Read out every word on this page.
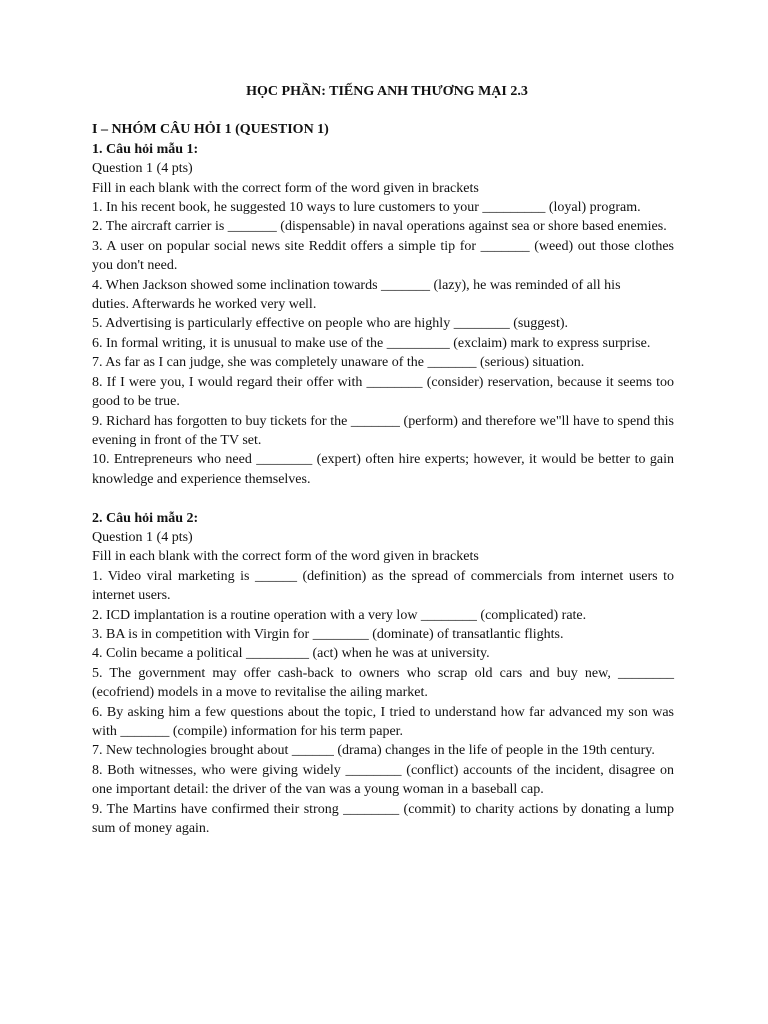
HỌC PHẦN: TIẾNG ANH THƯƠNG MẠI 2.3

I – NHÓM CÂU HỎI 1 (QUESTION 1)

1. Câu hỏi mẫu 1:

Question 1 (4 pts)

Fill in each blank with the correct form of the word given in brackets

1. In his recent book, he suggested 10 ways to lure customers to your _________ (loyal) program.

2. The aircraft carrier is _______ (dispensable) in naval operations against sea or shore based enemies.

3. A user on popular social news site Reddit offers a simple tip for _______ (weed) out those clothes you don't need.

4. When Jackson showed some inclination towards _______ (lazy), he was reminded of all his

duties. Afterwards he worked very well.

5. Advertising is particularly effective on people who are highly ________ (suggest).

6. In formal writing, it is unusual to make use of the _________ (exclaim) mark to express surprise.

7. As far as I can judge, she was completely unaware of the _______ (serious) situation.

8. If I were you, I would regard their offer with ________ (consider) reservation, because it seems too good to be true.

9. Richard has forgotten to buy tickets for the _______ (perform) and therefore we"ll have to spend this evening in front of the TV set.

10. Entrepreneurs who need ________ (expert) often hire experts; however, it would be better to gain knowledge and experience themselves.

2. Câu hỏi mẫu 2:

Question 1 (4 pts)

Fill in each blank with the correct form of the word given in brackets

1. Video viral marketing is ______ (definition) as the spread of commercials from internet users to internet users.

2. ICD implantation is a routine operation with a very low ________ (complicated) rate.

3. BA is in competition with Virgin for ________ (dominate) of transatlantic flights.

4. Colin became a political _________ (act) when he was at university.

5. The government may offer cash-back to owners who scrap old cars and buy new, ________ (ecofriend) models in a move to revitalise the ailing market.

6. By asking him a few questions about the topic, I tried to understand how far advanced my son was with _______ (compile) information for his term paper.

7. New technologies brought about ______ (drama) changes in the life of people in the 19th century.

8. Both witnesses, who were giving widely ________ (conflict) accounts of the incident, disagree on one important detail: the driver of the van was a young woman in a baseball cap.

9. The Martins have confirmed their strong ________ (commit) to charity actions by donating a lump sum of money again.
